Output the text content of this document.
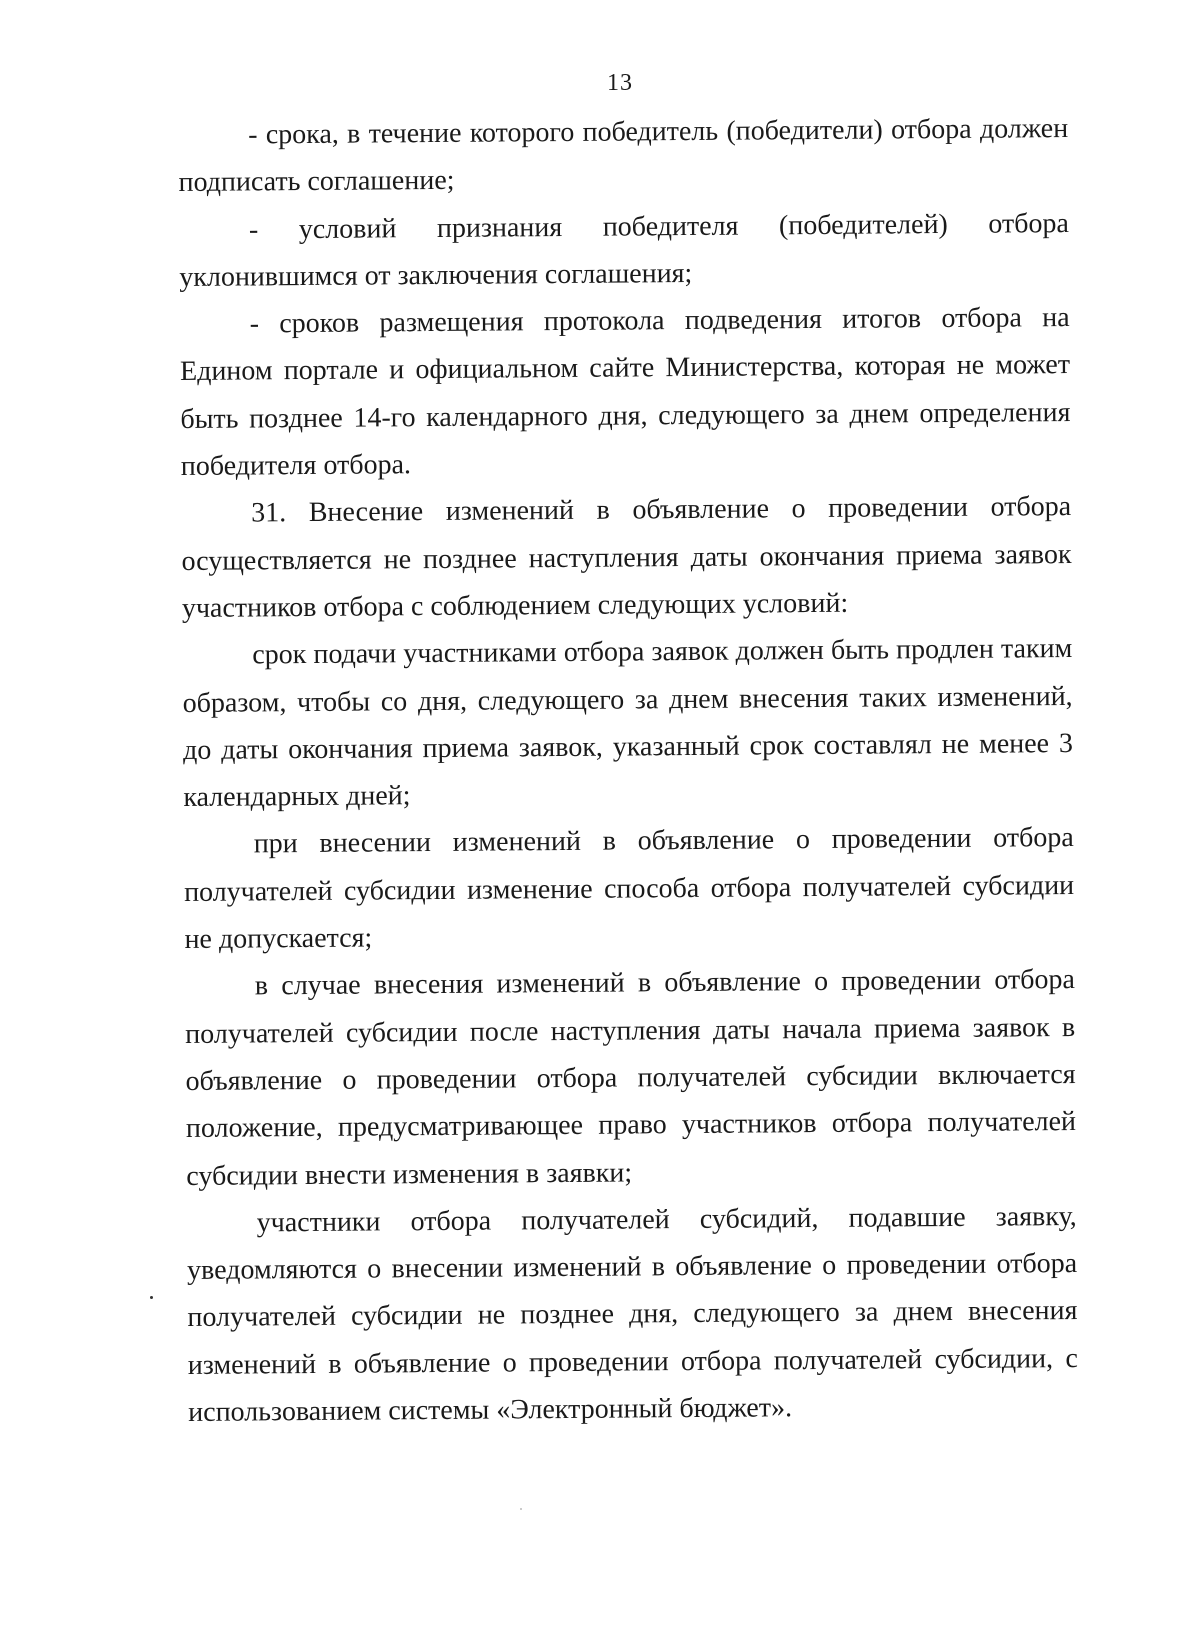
13

- срока, в течение которого победитель (победители) отбора должен подписать соглашение;

- условий признания победителя (победителей) отбора уклонившимся от заключения соглашения;

- сроков размещения протокола подведения итогов отбора на Едином портале и официальном сайте Министерства, которая не может быть позднее 14-го календарного дня, следующего за днем определения победителя отбора.

31. Внесение изменений в объявление о проведении отбора осуществляется не позднее наступления даты окончания приема заявок участников отбора с соблюдением следующих условий:

срок подачи участниками отбора заявок должен быть продлен таким образом, чтобы со дня, следующего за днем внесения таких изменений, до даты окончания приема заявок, указанный срок составлял не менее 3 календарных дней;

при внесении изменений в объявление о проведении отбора получателей субсидии изменение способа отбора получателей субсидии не допускается;

в случае внесения изменений в объявление о проведении отбора получателей субсидии после наступления даты начала приема заявок в объявление о проведении отбора получателей субсидии включается положение, предусматривающее право участников отбора получателей субсидии внести изменения в заявки;

участники отбора получателей субсидий, подавшие заявку, уведомляются о внесении изменений в объявление о проведении отбора получателей субсидии не позднее дня, следующего за днем внесения изменений в объявление о проведении отбора получателей субсидии, с использованием системы «Электронный бюджет».
